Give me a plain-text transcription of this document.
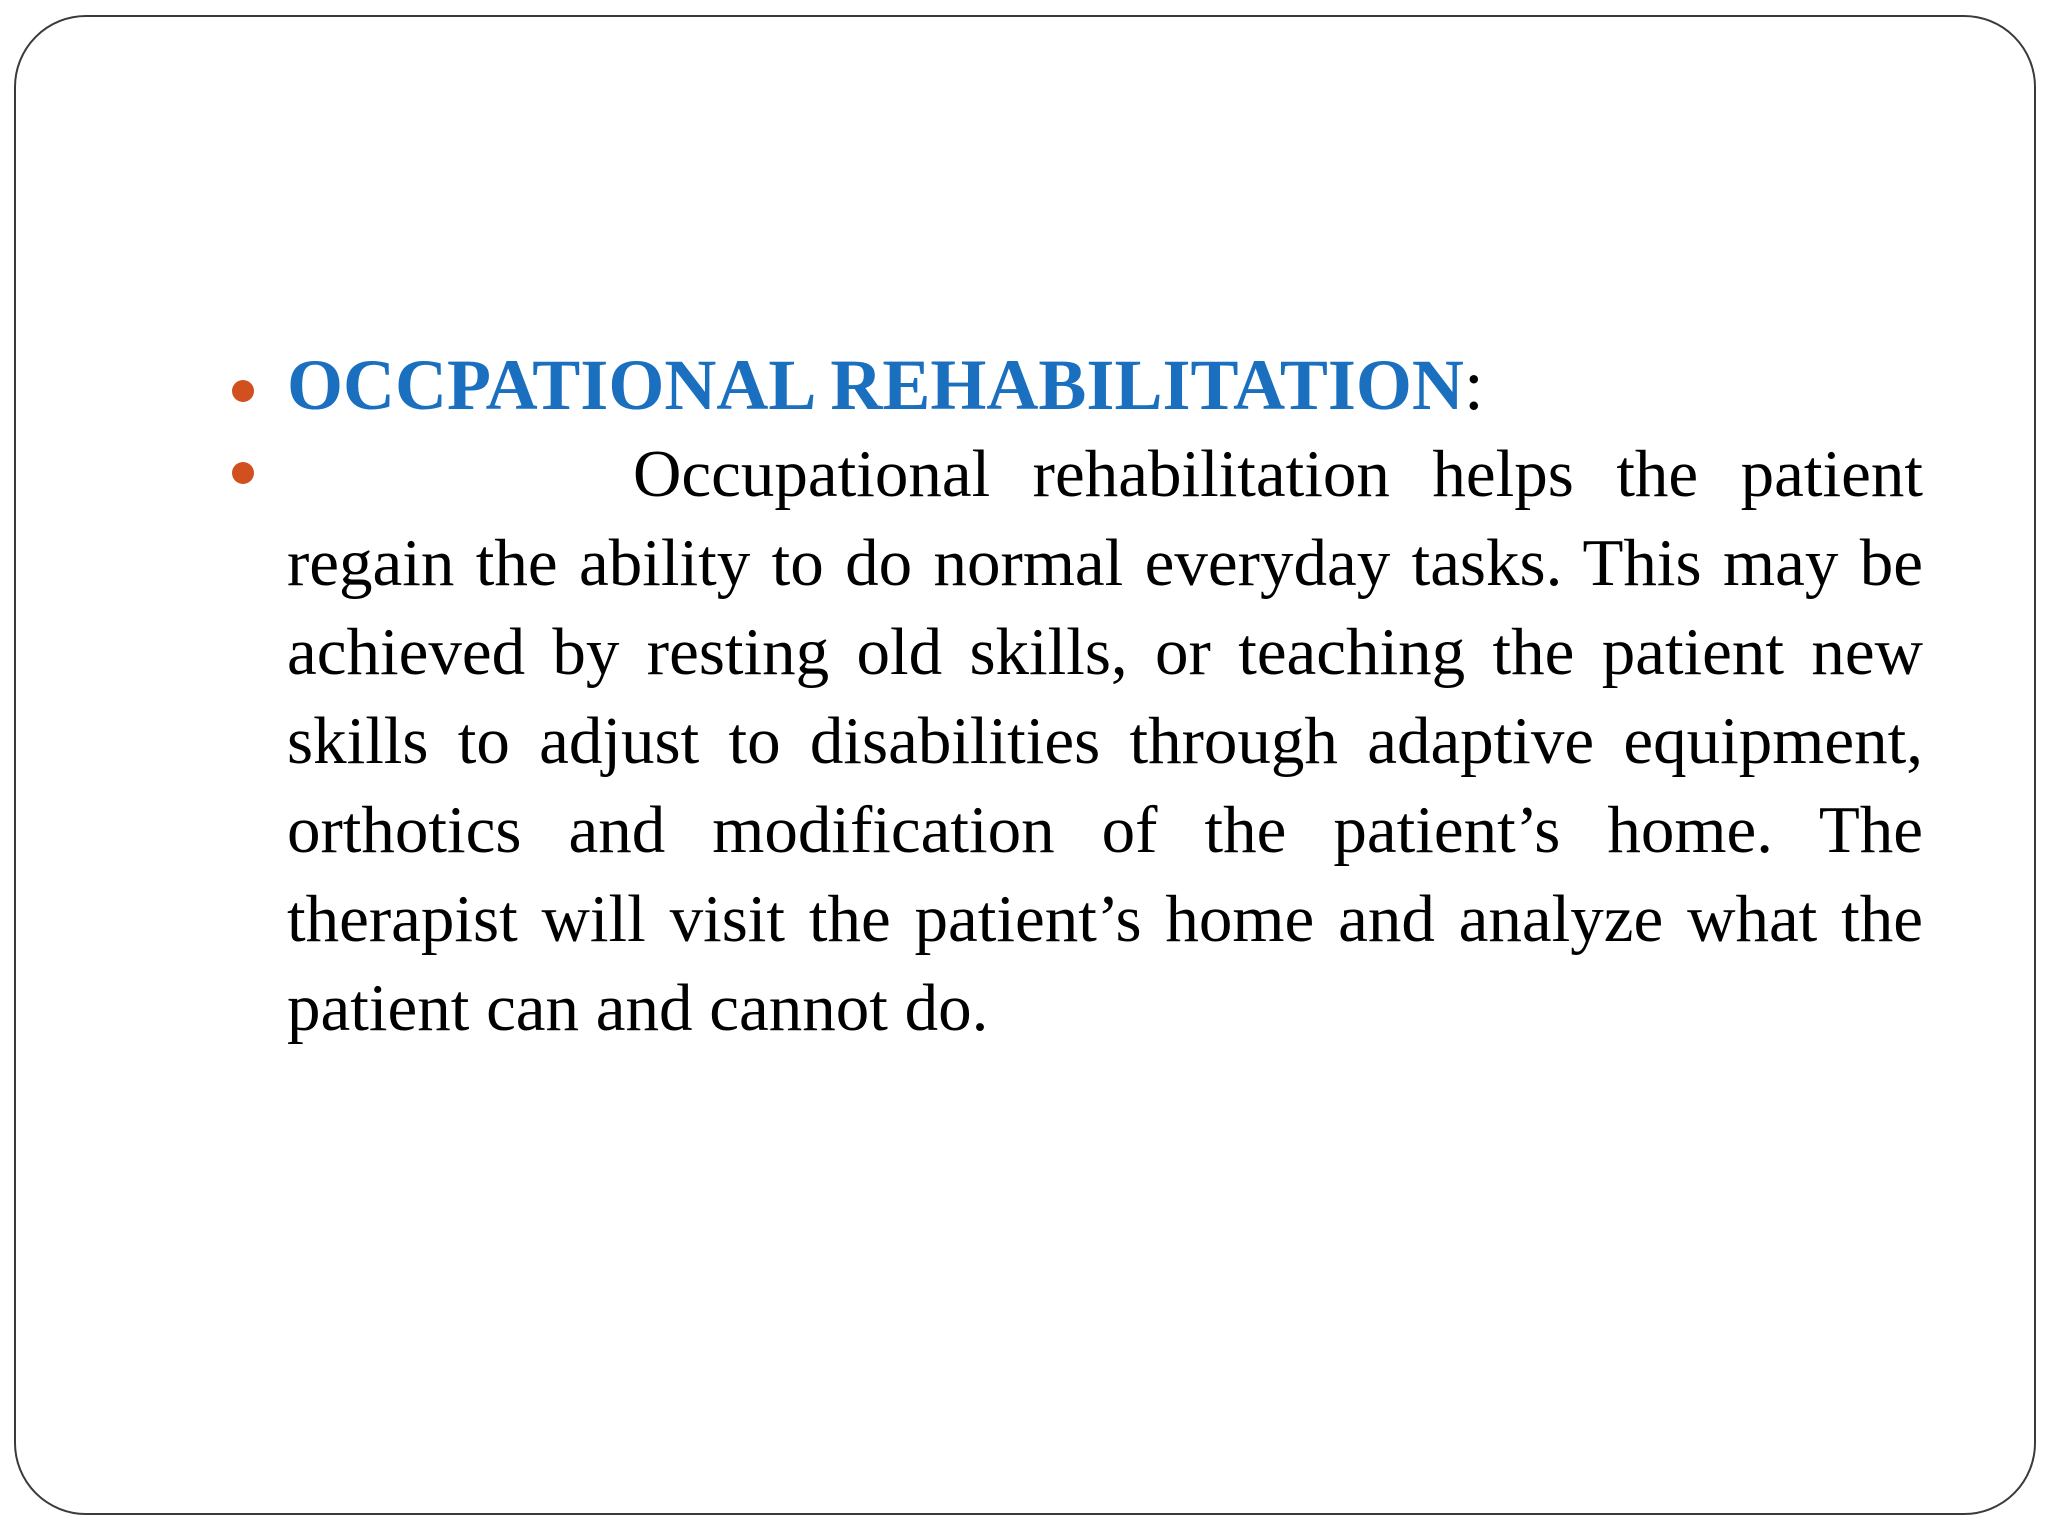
OCCPATIONAL REHABILITATION:

Occupational rehabilitation helps the patient regain the ability to do normal everyday tasks. This may be achieved by resting old skills, or teaching the patient new skills to adjust to disabilities through adaptive equipment, orthotics and modification of the patient’s home. The therapist will visit the patient’s home and analyze what the patient can and cannot do.
